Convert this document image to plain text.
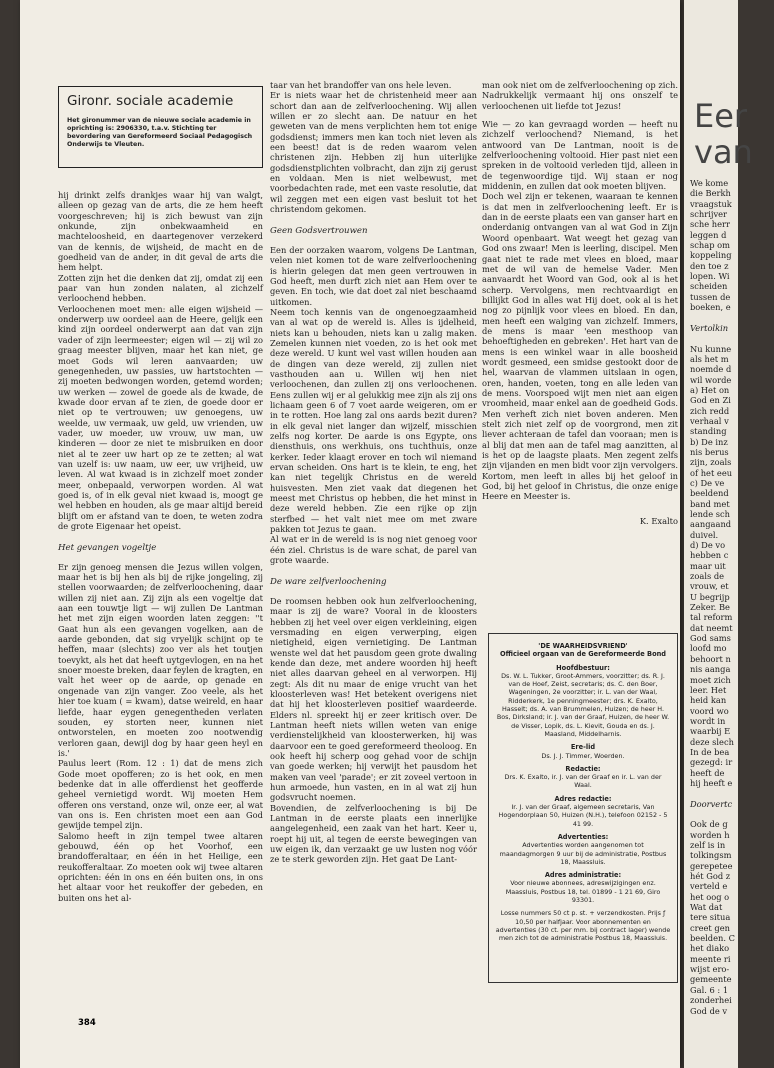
Gironr. sociale academie
Het gironummer van de nieuwe sociale academie in oprichting is: 2906330, t.a.v. Stichting ter bevordering van Gereformeerd Sociaal Pedagogisch Onderwijs te Vleuten.

hij drinkt zelfs drankjes waar hij van walgt, alleen op gezag van de arts, die ze hem heeft voorgeschreven; hij is zich bewust van zijn onkunde, zijn onbekwaamheid en machteloosheid, en daartegenover verzekerd van de kennis, de wijsheid, de macht en de goedheid van de ander, in dit geval de arts die hem helpt.

Zotten zijn het die denken dat zij, omdat zij een paar van hun zonden nalaten, al zichzelf verloochend hebben.

Verloochenen moet men: alle eigen wijsheid — onderwerp uw oordeel aan de Heere, gelijk een kind zijn oordeel onderwerpt aan dat van zijn vader of zijn leermeester; eigen wil — zij wil zo graag meester blijven, maar het kan niet, ge moet Gods wil leren aanvaarden; uw genegenheden, uw passies, uw hartstochten — zij moeten bedwongen worden, getemd worden; uw werken — zowel de goede als de kwade, de kwade door ervan af te zien, de goede door er niet op te vertrouwen; uw genoegens, uw weelde, uw vermaak, uw geld, uw vrienden, uw vader, uw moeder, uw vrouw, uw man, uw kinderen — door ze niet te misbruiken en door niet al te zeer uw hart op ze te zetten; al wat van uzelf is: uw naam, uw eer, uw vrijheid, uw leven. Al wat kwaad is in zichzelf moet zonder meer, onbepaald, verworpen worden. Al wat goed is, of in elk geval niet kwaad is, moogt ge wel hebben en houden, als ge maar altijd bereid blijft om er afstand van te doen, te weten zodra de grote Eigenaar het opeist.

Het gevangen vogeltje

Er zijn genoeg mensen die Jezus willen volgen, maar het is bij hen als bij de rijke jongeling, zij stellen voorwaarden; de zelfverloochening, daar willen zij niet aan. Zij zijn als een vogeltje dat aan een touwtje ligt — wij zullen De Lantman het met zijn eigen woorden laten zeggen: ''t Gaat hun als een gevangen vogelken, aan de aarde gebonden, dat sig vryelijk schijnt op te heffen, maar (slechts) zoo ver als het toutjen toevykt, als het dat heeft uytgevlogen, en na het snoer moeste breken, daar feylen de kragten, en valt het weer op de aarde, op genade en ongenade van zijn vanger. Zoo veele, als het hier toe kuam ( = kwam), datse weireld, en haar liefde, haar eygen genegentheden verlaten souden, ey storten neer, kunnen niet ontworstelen, en moeten zoo nootwendig verloren gaan, dewijl dog by haar geen heyl en is.'

Paulus leert (Rom. 12 : 1) dat de mens zich Gode moet opofferen; zo is het ook, en men bedenke dat in alle offerdienst het geofferde geheel vernietigd wordt. Wij moeten Hem offeren ons verstand, onze wil, onze eer, al wat van ons is. Een christen moet een aan God gewijde tempel zijn.

Salomo heeft in zijn tempel twee altaren gebouwd, één op het Voorhof, een brandofferaltaar, en één in het Heilige, een reukofferaltaar. Zo moeten ook wij twee altaren oprichten: één in ons en één buiten ons, in ons het altaar voor het reukoffer der gebeden, en buiten ons het al-

taar van het brandoffer van ons hele leven.

Er is niets waar het de christenheid meer aan schort dan aan de zelfverloochening. Wij allen willen er zo slecht aan. De natuur en het geweten van de mens verplichten hem tot enige godsdienst; immers men kan toch niet leven als een beest! dat is de reden waarom velen christenen zijn. Hebben zij hun uiterlijke godsdienstplichten volbracht, dan zijn zij gerust en voldaan. Men is niet welbewust, met voorbedachten rade, met een vaste resolutie, dat wil zeggen met een eigen vast besluit tot het christendom gekomen.

Geen Godsvertrouwen

Een der oorzaken waarom, volgens De Lantman, velen niet komen tot de ware zelfverloochening is hierin gelegen dat men geen vertrouwen in God heeft, men durft zich niet aan Hem over te geven. En toch, wie dat doet zal niet beschaamd uitkomen.

Neem toch kennis van de ongenoegzaamheid van al wat op de wereld is. Alles is ijdelheid, niets kan u behouden, niets kan u zalig maken. Zemelen kunnen niet voeden, zo is het ook met deze wereld. U kunt wel vast willen houden aan de dingen van deze wereld, zij zullen niet vasthouden aan u. Willen wij hen niet verloochenen, dan zullen zij ons verloochenen. Eens zullen wij er al gelukkig mee zijn als zij ons lichaam geen 6 of 7 voet aarde weigeren, om er in te rotten. Hoe lang zal ons aards bezit duren? in elk geval niet langer dan wijzelf, misschien zelfs nog korter. De aarde is ons Egypte, ons diensthuis, ons werkhuis, ons tuchthuis, onze kerker. Ieder klaagt erover en toch wil niemand ervan scheiden. Ons hart is te klein, te eng, het kan niet tegelijk Christus en de wereld huisvesten. Men ziet vaak dat diegenen het meest met Christus op hebben, die het minst in deze wereld hebben. Zie een rijke op zijn sterfbed — het valt niet mee om met zware pakken tot Jezus te gaan.

Al wat er in de wereld is is nog niet genoeg voor één ziel. Christus is de ware schat, de parel van grote waarde.

De ware zelfverloochening

De roomsen hebben ook hun zelfverloochening, maar is zij de ware? Vooral in de kloosters hebben zij het veel over eigen verkleining, eigen versmading en eigen verwerping, eigen nietigheid, eigen vernietiging. De Lantman wenste wel dat het pausdom geen grote dwaling kende dan deze, met andere woorden hij heeft niet alles daarvan geheel en al verworpen. Hij zegt: Als dit nu maar de enige vrucht van het kloosterleven was! Het betekent overigens niet dat hij het kloosterleven positief waardeerde. Elders nl. spreekt hij er zeer kritisch over. De Lantman heeft niets willen weten van enige verdienstelijkheid van kloosterwerken, hij was daarvoor een te goed gereformeerd theoloog. En ook heeft hij scherp oog gehad voor de schijn van goede werken; hij verwijt het pausdom het maken van veel 'parade'; er zit zoveel vertoon in hun armoede, hun vasten, en in al wat zij hun godsvrucht noemen.

Bovendien, de zelfverloochening is bij De Lantman in de eerste plaats een innerlijke aangelegenheid, een zaak van het hart. Keer u, roept hij uit, al tegen de eerste bewegingen van uw eigen ik, dan verzaakt ge uw lusten nog vóór ze te sterk geworden zijn. Het gaat De Lant-

man ook niet om de zelfverloochening op zich. Nadrukkelijk vermaant hij ons onszelf te verloochenen uit liefde tot Jezus!

Wie — zo kan gevraagd worden — heeft nu zichzelf verloochend? Niemand, is het antwoord van De Lantman, nooit is de zelfverloochening voltooid. Hier past niet een spreken in de voltooid verleden tijd, alleen in de tegenwoordige tijd. Wij staan er nog middenin, en zullen dat ook moeten blijven.

Doch wel zijn er tekenen, waaraan te kennen is dat men in zelfverloochening leeft. Er is dan in de eerste plaats een van ganser hart en onderdanig ontvangen van al wat God in Zijn Woord openbaart. Wat weegt het gezag van God ons zwaar! Men is leerling, discipel. Men gaat niet te rade met vlees en bloed, maar met de wil van de hemelse Vader. Men aanvaardt het Woord van God, ook al is het scherp. Vervolgens, men rechtvaardigt en billijkt God in alles wat Hij doet, ook al is het nog zo pijnlijk voor vlees en bloed. En dan, men heeft een walging van zichzelf. Immers, de mens is maar 'een mesthoop van behoeftigheden en gebreken'. Het hart van de mens is een winkel waar in alle boosheid wordt gesmeed, een smidse gestookt door de hel, waarvan de vlammen uitslaan in ogen, oren, handen, voeten, tong en alle leden van de mens. Voorspoed wijt men niet aan eigen vroomheid, maar enkel aan de goedheid Gods. Men verheft zich niet boven anderen. Men stelt zich niet zelf op de voorgrond, men zit liever achteraan de tafel dan vooraan; men is al blij dat men aan de tafel mag aanzitten, al is het op de laagste plaats. Men zegent zelfs zijn vijanden en men bidt voor zijn vervolgers. Kortom, men leeft in alles bij het geloof in God, bij het geloof in Christus, die onze enige Heere en Meester is.

K. Exalto
'DE WAARHEIDSVRIEND'
Officieel orgaan van de Gereformeerde Bond
Hoofdbestuur:
Ds. W. L. Tukker, Groot-Ammers, voorzitter; ds. R. J. van de Hoef, Zeist, secretaris; ds. C. den Boer, Wageningen, 2e voorzitter; ir. L. van der Waal, Ridderkerk, 1e penningmeester; drs. K. Exalto, Hasselt; ds. A. van Brummelen, Huizen; de heer H. Bos, Dirksland; ir. J. van der Graaf, Huizen, de heer W. de Visser, Lopik, ds. L. Kievit, Gouda en ds. J. Maasland, Middelharnis.
Ere-lid
Ds. J. J. Timmer, Woerden.
Redactie:
Drs. K. Exalto, ir. J. van der Graaf en ir. L. van der Waal.
Adres redactie:
Ir. J. van der Graaf, algemeen secretaris, Van Hogendorplaan 50, Huizen (N.H.), telefoon 02152 - 5 41 99.
Advertenties:
Advertenties worden aangenomen tot maandagmorgen 9 uur bij de administratie, Postbus 18, Maassluis.
Adres administratie:
Voor nieuwe abonnees, adreswijzigingen enz. Maassluis, Postbus 18, tel. 01899 - 1 21 69, Giro 93301.
Losse nummers 50 ct p. st. + verzendkosten. Prijs ƒ 10,50 per halfjaar. Voor abonnementen en advertenties (30 ct. per mm. bij contract lager) wende men zich tot de administratie Postbus 18, Maassluis.
384
Eer van
We kome
die Berkh
vraagstuk
schrijver
sche herr
leggen d
schap om
koppeling
den toe z
lopen. Wi
scheiden
tussen de
boeken, e

Vertolkin

Nu kunne
als het m
noemde d
wil worde
a) Het on
God en Zi
zich redd
verhaal v
standing
b) De inz
nis berus
zijn, zoals
of het eeu
c) De ve
beeldend
band met
lende sch
aangaand
duivel.
d) De vo
hebben c
maar uit
zoals de
vrouw, et
U begrijp
Zeker. Be
tal reform
dat neemt
God sams
loofd mo
behoort n
nis aanga
moet zich
leer. Het
heid kan
voord wo
wordt in
waarbij E
deze slech
In de bea
gezegd: ir
heeft de
hij heeft e

Doorvertc

Ook de g
worden h
zelf is in
tolkingsm
gerepetee
hét God z
verteld e
het oog o
Wat dat
tere situa
creet gen
beelden. C
het diako
meente ri
wijst ero-
gemeente
Gal. 6 : 1
zonderhei
God de v
